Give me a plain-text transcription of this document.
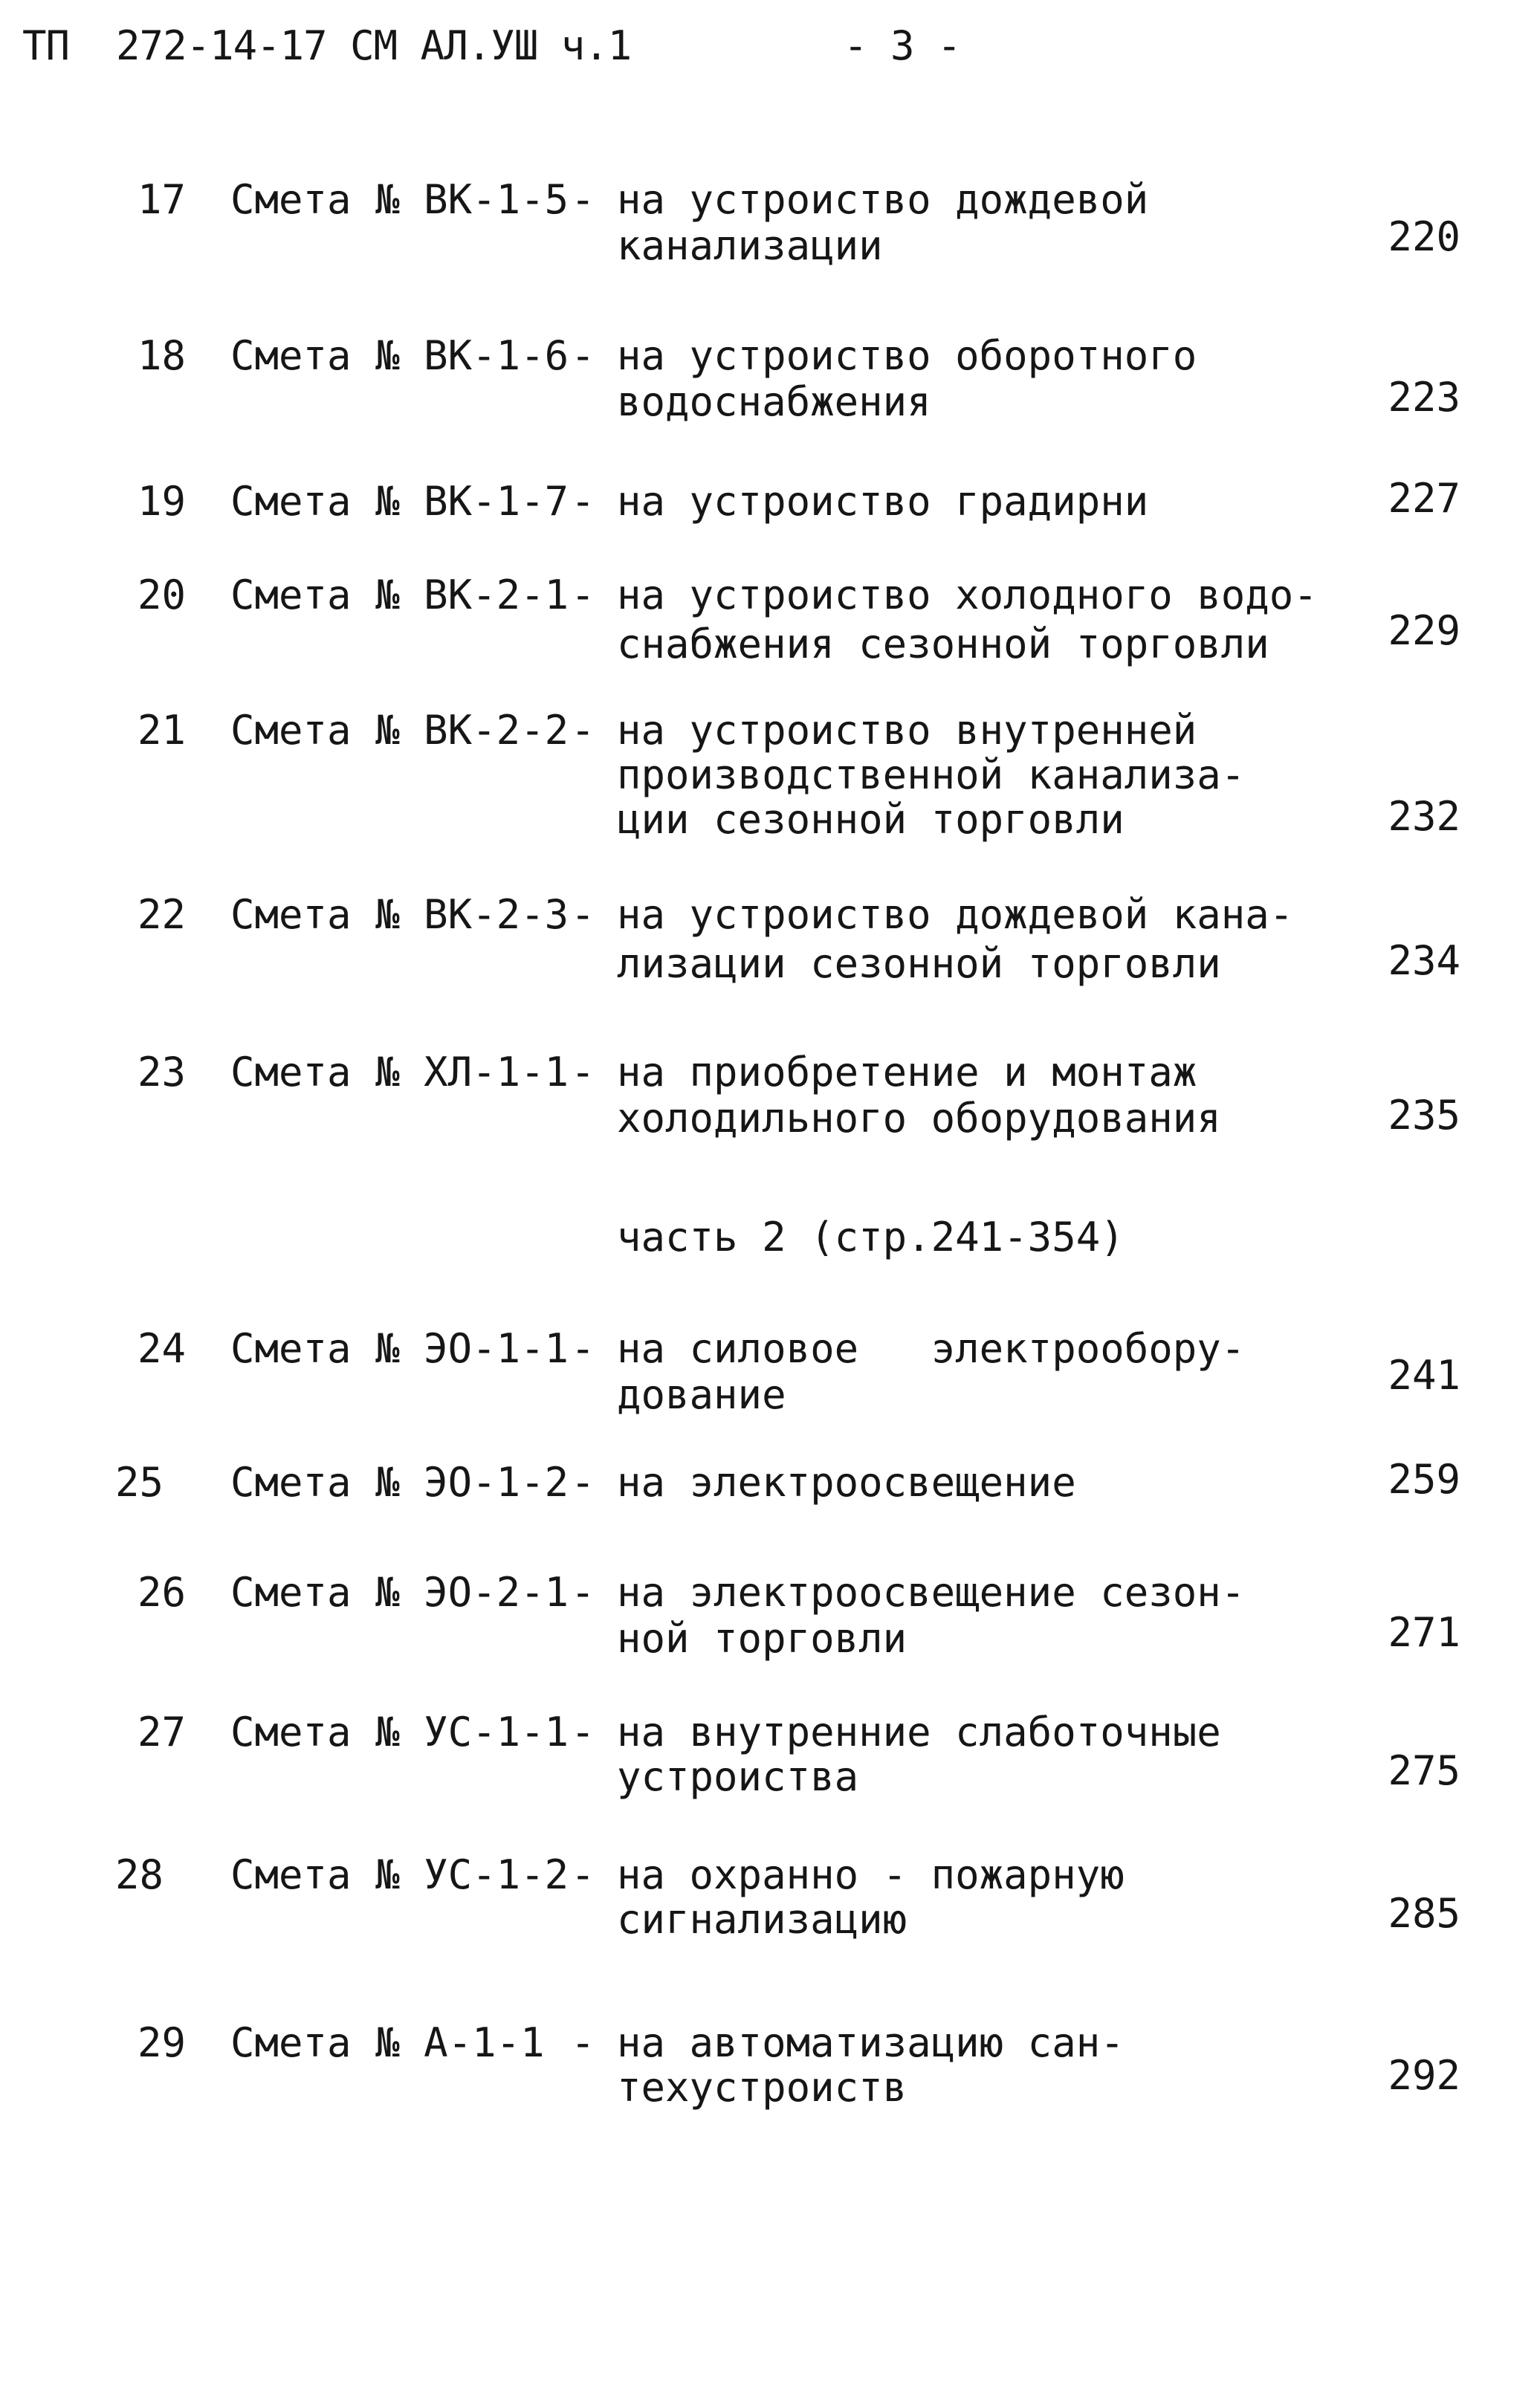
ТП  272-14-17 СМ АЛ.УШ ч.1	- 3 -
17 Смета № ВК-1-5 - на устроиство дождевой
канализации	220
18 Смета № ВК-1-6 - на устроиство оборотного
водоснабжения	223
19 Смета № ВК-1-7 - на устроиство градирни	227
20 Смета № ВК-2-1 - на устроиство холодного водо-
снабжения сезонной торговли	229
21 Смета № ВК-2-2 - на устроиство внутренней
производственной канализа-
ции сезонной торговли	232
22 Смета № ВК-2-3 - на устроиство дождевой кана-
лизации сезонной торговли	234
23 Смета № ХЛ-1-1 - на приобретение и монтаж
холодильного оборудования	235
часть 2 (стр.241-354)
24 Смета № ЭО-1-1 - на силовое   электрообору-
дование	241
25 Смета № ЭО-1-2 - на электроосвещение	259
26 Смета № ЭО-2-1 - на электроосвещение сезон-
ной торговли	271
27 Смета № УС-1-1 - на внутренние слаботочные
устроиства	275
28 Смета № УС-1-2 - на охранно - пожарную
сигнализацию	285
29 Смета № А-1-1 - на автоматизацию сан-
техустроиств	292
